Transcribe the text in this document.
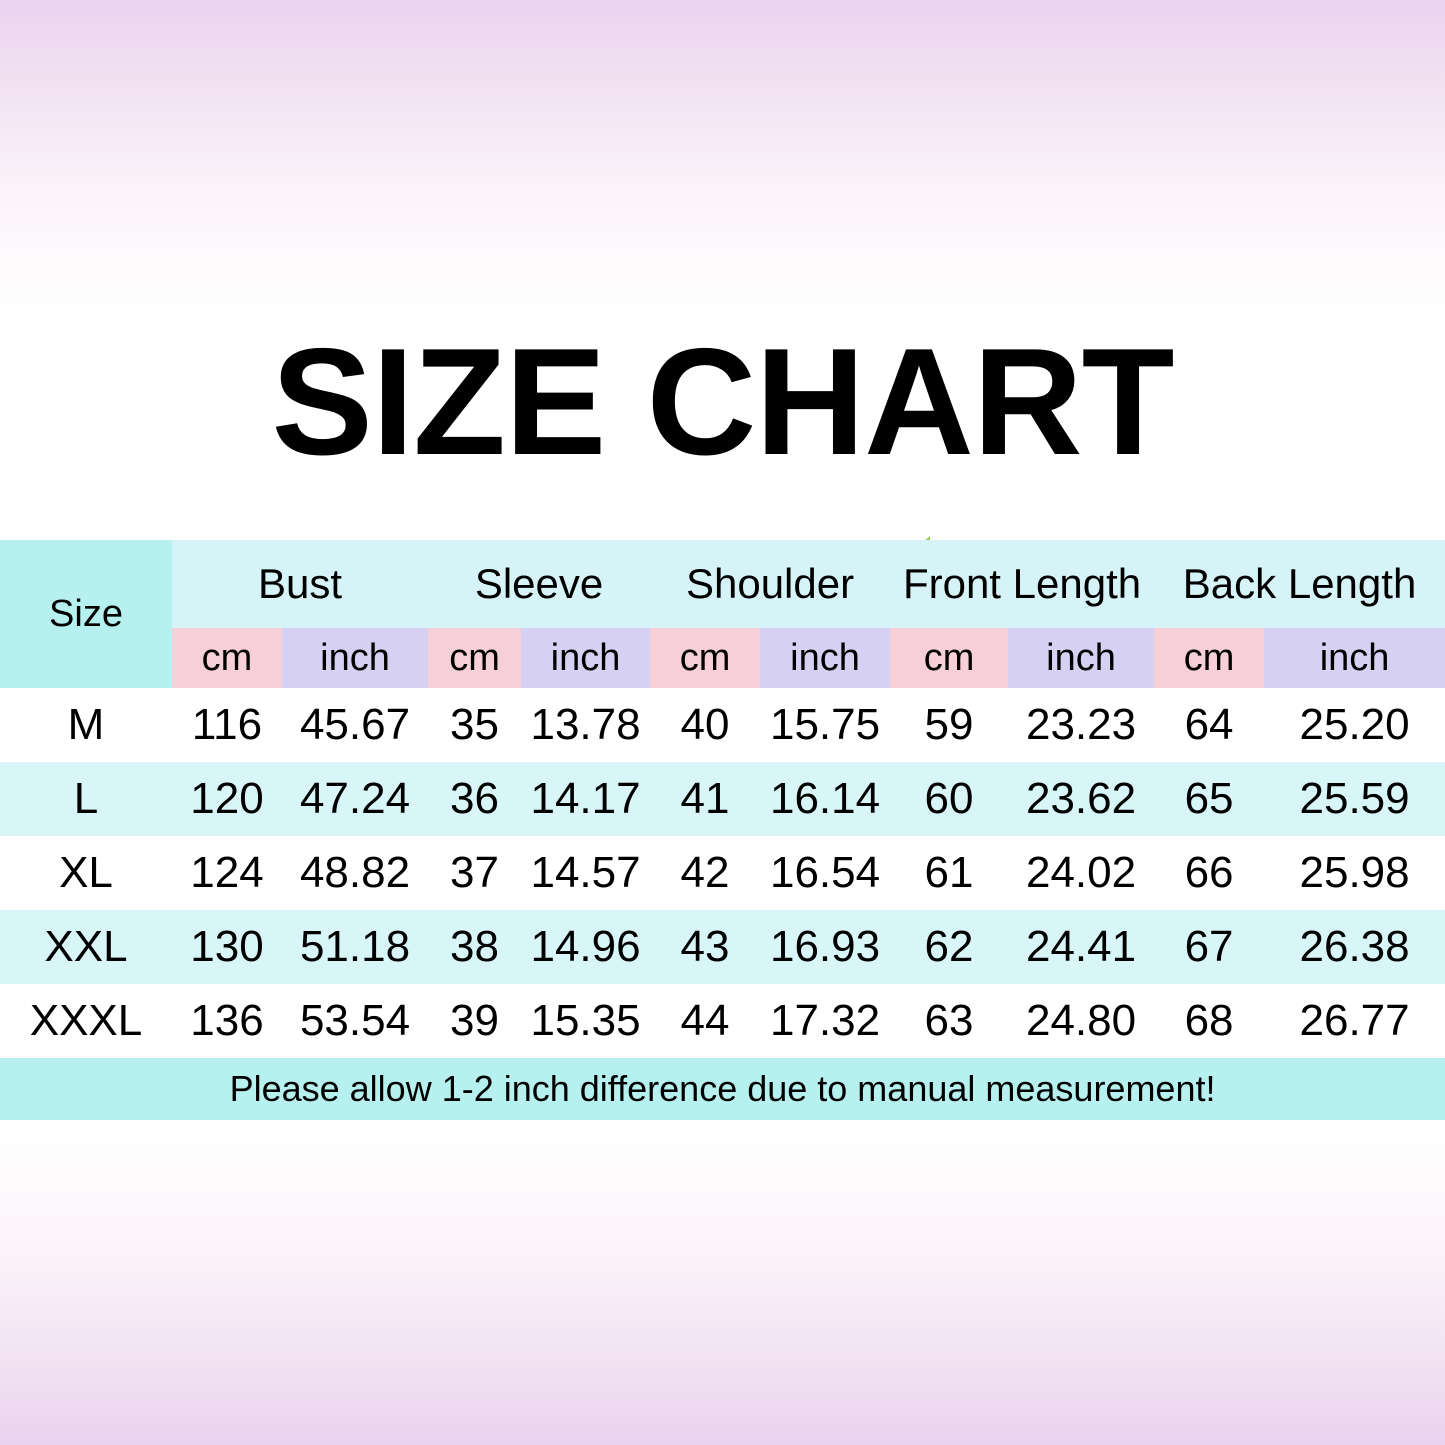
SIZE CHART
Size	Bust		Sleeve		Shoulder		Front Length		Back Length	
	cm	inch	cm	inch	cm	inch	cm	inch	cm	inch
M	116	45.67	35	13.78	40	15.75	59	23.23	64	25.20
L	120	47.24	36	14.17	41	16.14	60	23.62	65	25.59
XL	124	48.82	37	14.57	42	16.54	61	24.02	66	25.98
XXL	130	51.18	38	14.96	43	16.93	62	24.41	67	26.38
XXXL	136	53.54	39	15.35	44	17.32	63	24.80	68	26.77
Please allow 1-2 inch difference due to manual measurement!										
